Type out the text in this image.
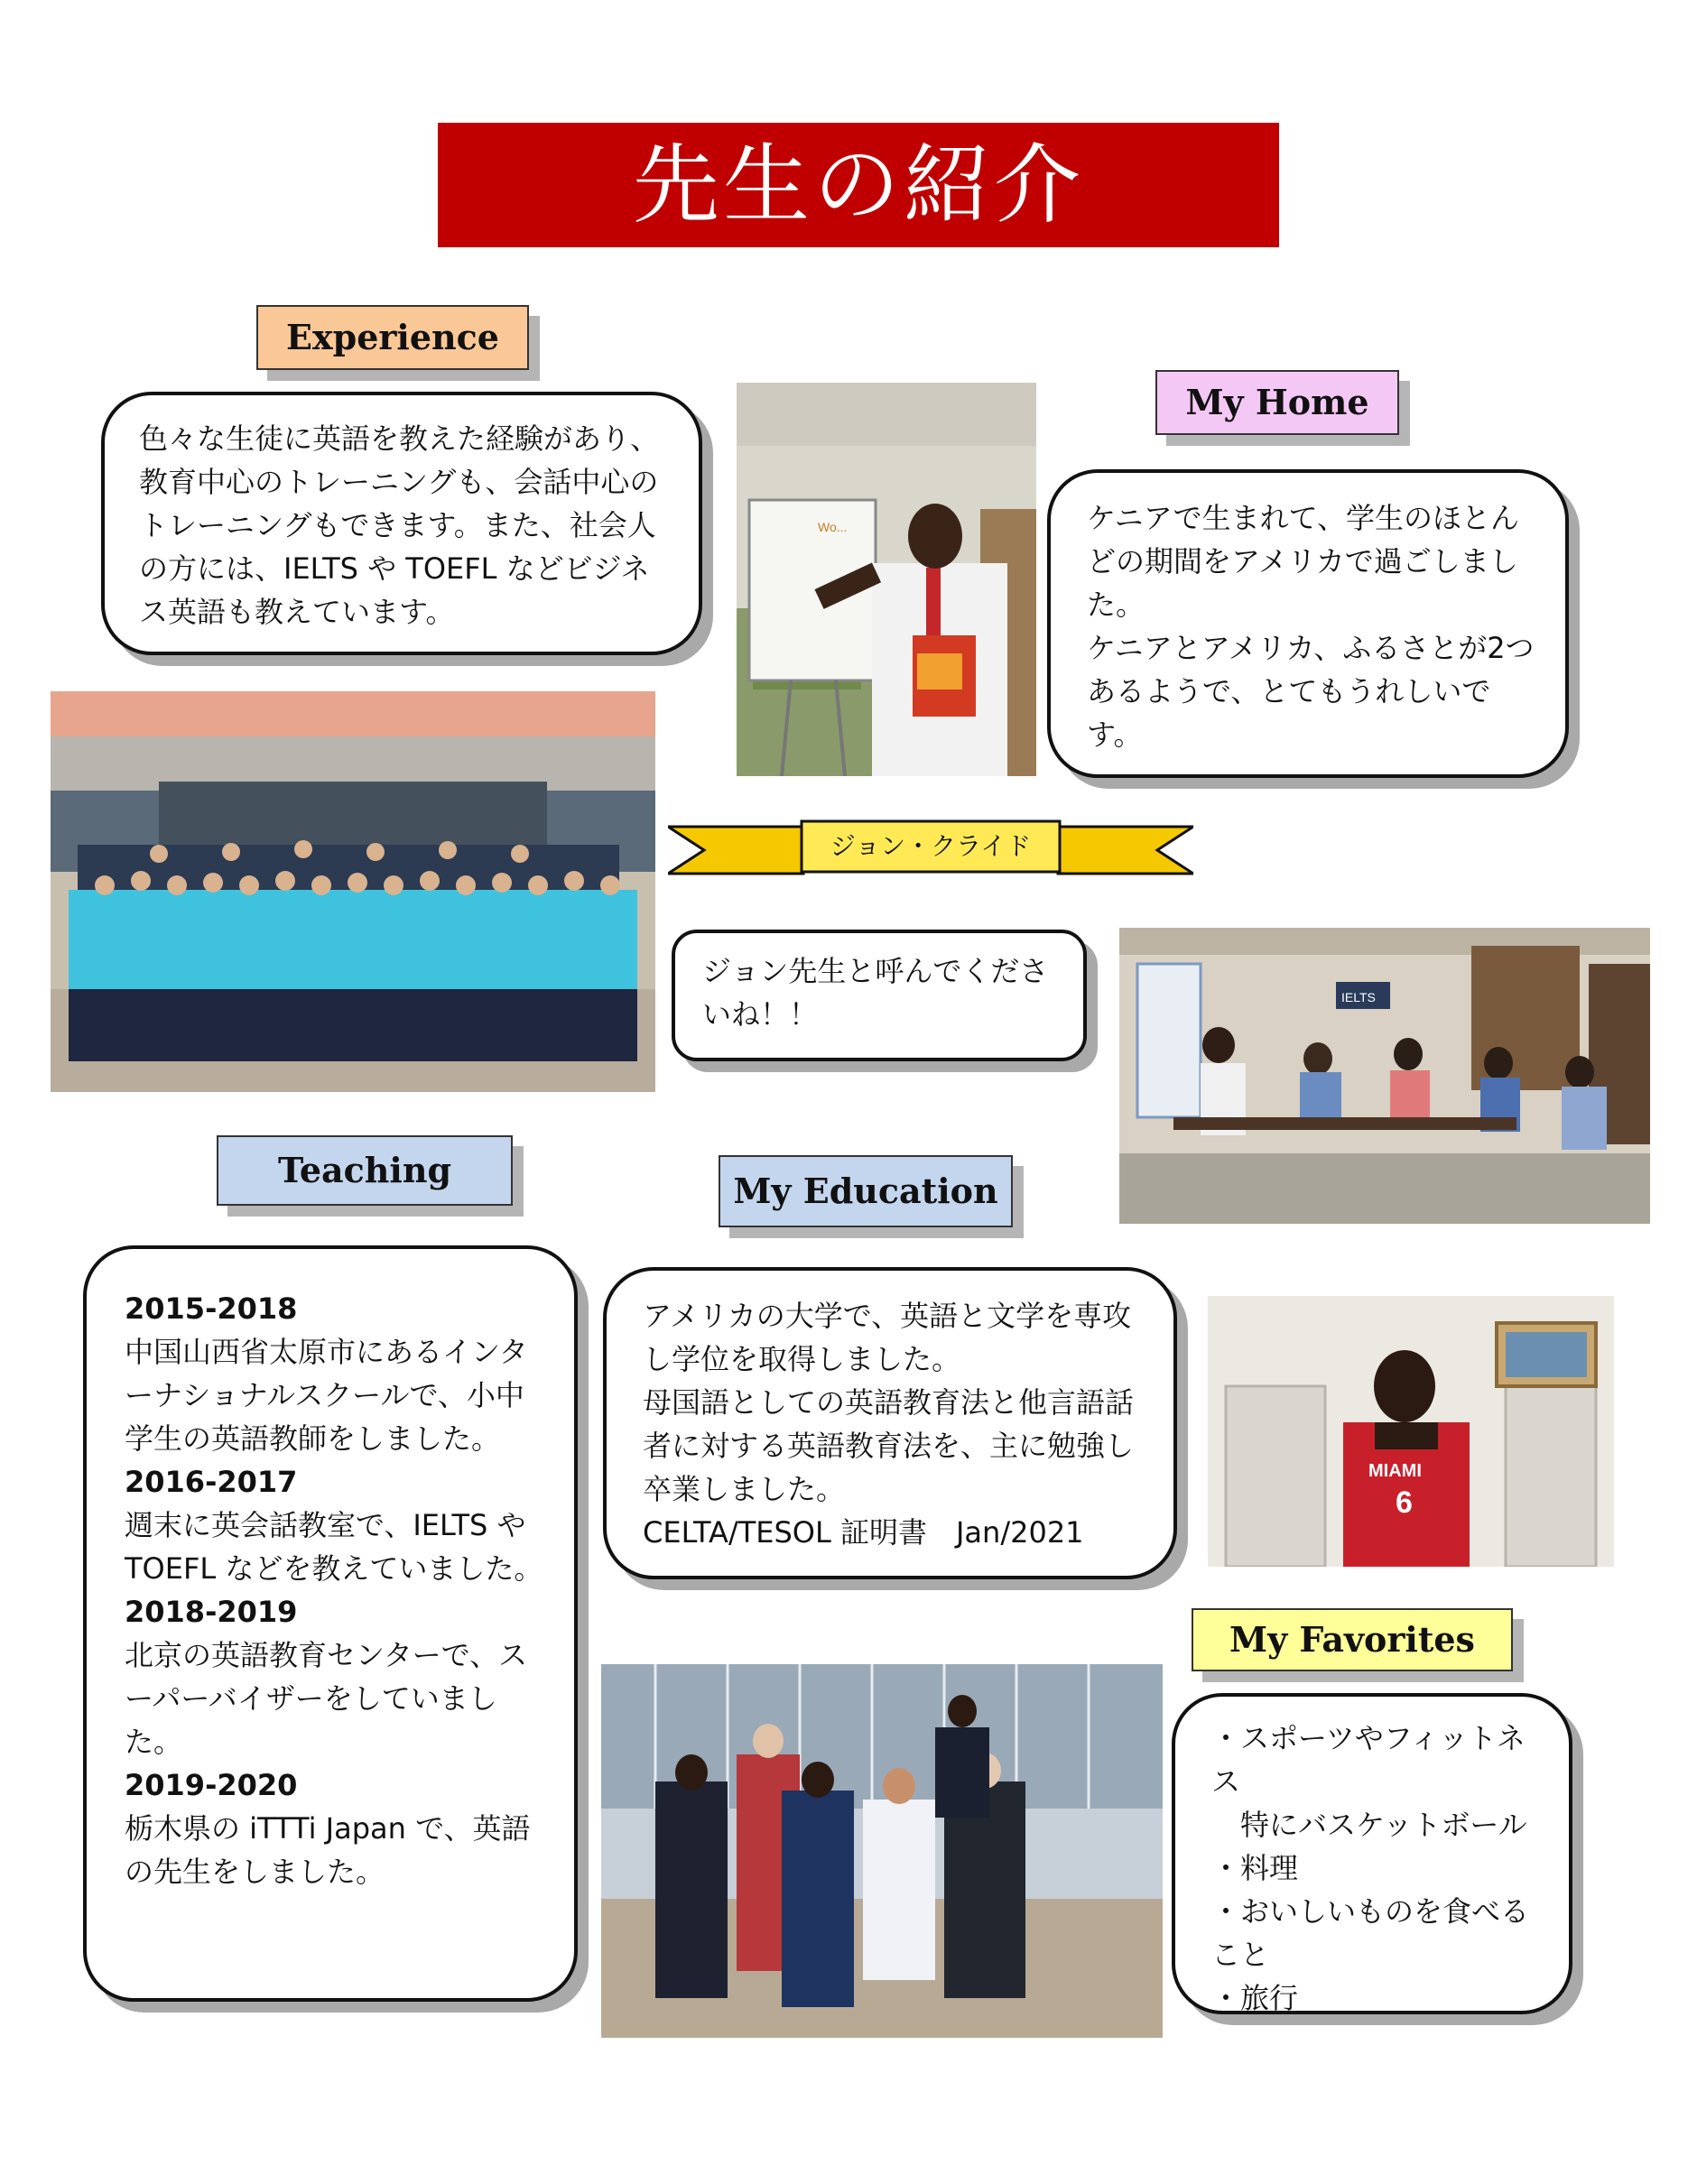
先生の紹介
Experience

色々な生徒に英語を教えた経験があり、教育中心のトレーニングも、会話中心のトレーニングもできます。また、社会人の方には、IELTS や TOEFL などビジネス英語も教えています。

Wo...
My Home

ケニアで生まれて、学生のほとんどの期間をアメリカで過ごしました。

ケニアとアメリカ、ふるさとが2つあるようで、とてもうれしいです。

ジョン・クライド

ジョン先生と呼んでくださいね！！	IELTS
Teaching
My Education

2015-2018

中国山西省太原市にあるインターナショナルスクールで、小中学生の英語教師をしました。

2016-2017

週末に英会話教室で、IELTS や TOEFL などを教えていました。

2018-2019

北京の英語教育センターで、スーパーバイザーをしていました。

2019-2020

栃木県の iTTTi Japan で、英語の先生をしました。

アメリカの大学で、英語と文学を専攻し学位を取得しました。

母国語としての英語教育法と他言語話者に対する英語教育法を、主に勉強し卒業しました。

CELTA/TESOL 証明書　Jan/2021

MIAMI
6
My Favorites

・スポーツやフィットネス

　特にバスケットボール

・料理

・おいしいものを食べること

・旅行
